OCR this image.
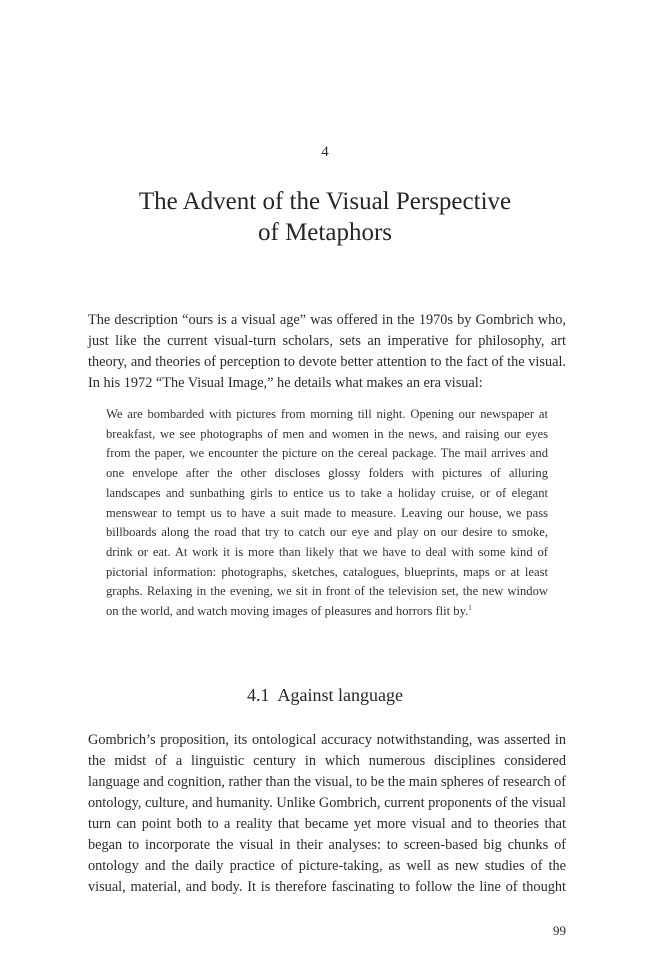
4
The Advent of the Visual Perspective
of Metaphors

The description “ours is a visual age” was offered in the 1970s by Gombrich who, just like the current visual-turn scholars, sets an imperative for philosophy, art theory, and theories of perception to devote better attention to the fact of the visual. In his 1972 “The Visual Image,” he details what makes an era visual:

We are bombarded with pictures from morning till night. Opening our newspaper at breakfast, we see photographs of men and women in the news, and raising our eyes from the paper, we encounter the picture on the cereal package. The mail arrives and one envelope after the other discloses glossy folders with pictures of alluring landscapes and sunbathing girls to entice us to take a holiday cruise, or of elegant menswear to tempt us to have a suit made to measure. Leaving our house, we pass billboards along the road that try to catch our eye and play on our desire to smoke, drink or eat. At work it is more than likely that we have to deal with some kind of pictorial information: photographs, sketches, catalogues, blueprints, maps or at least graphs. Relaxing in the evening, we sit in front of the television set, the new window on the world, and watch moving images of pleasures and horrors flit by.$^1$

4.1 Against language

Gombrich’s proposition, its ontological accuracy notwithstanding, was asserted in the midst of a linguistic century in which numerous disciplines considered language and cognition, rather than the visual, to be the main spheres of research of ontology, culture, and humanity. Unlike Gombrich, current proponents of the visual turn can point both to a reality that became yet more visual and to theories that began to incorporate the visual in their analyses: to screen-based big chunks of ontology and the daily practice of picture-taking, as well as new studies of the visual, material, and body. It is therefore fascinating to follow the line of thought

99
